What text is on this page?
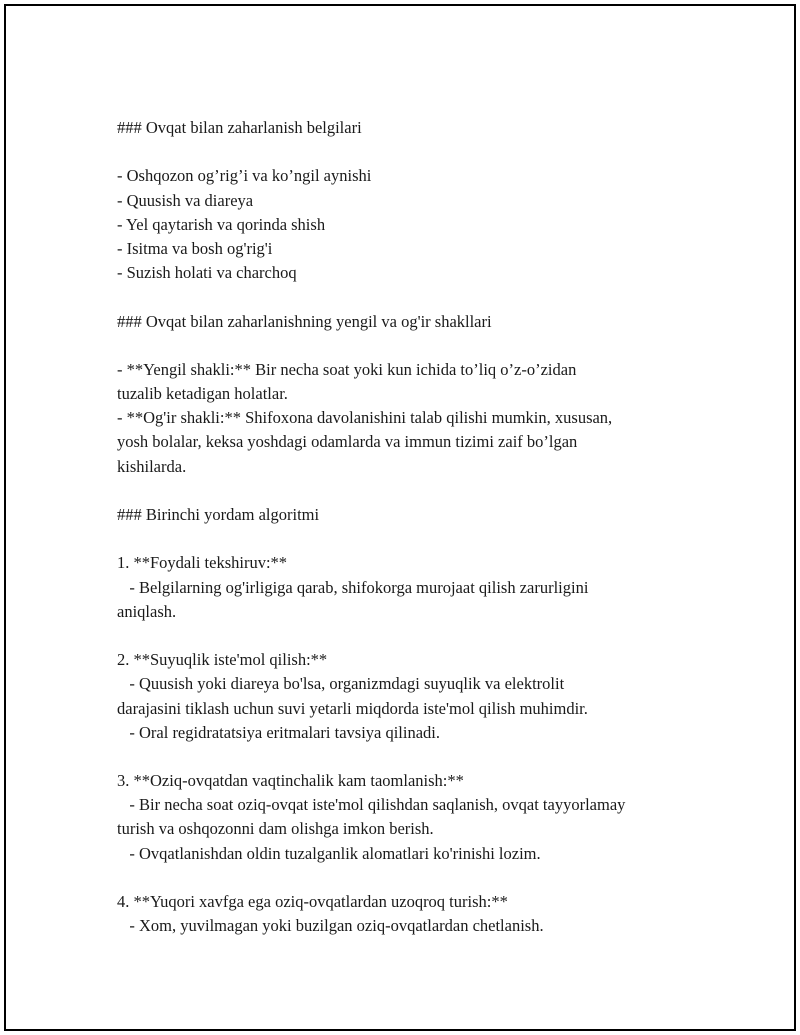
### Ovqat bilan zaharlanish belgilari
- Oshqozon og’rig’i va ko’ngil aynishi
- Quusish va diareya
- Yel qaytarish va qorinda shish
- Isitma va bosh og'rig'i
- Suzish holati va charchoq
### Ovqat bilan zaharlanishning yengil va og'ir shakllari
- **Yengil shakli:** Bir necha soat yoki kun ichida to’liq o’z-o’zidan
tuzalib ketadigan holatlar.
- **Og'ir shakli:** Shifoxona davolanishini talab qilishi mumkin, xususan,
yosh bolalar, keksa yoshdagi odamlarda va immun tizimi zaif bo’lgan
kishilarda.
### Birinchi yordam algoritmi
1. **Foydali tekshiruv:**
- Belgilarning og'irligiga qarab, shifokorga murojaat qilish zarurligini
aniqlash.
2. **Suyuqlik iste'mol qilish:**
- Quusish yoki diareya bo'lsa, organizmdagi suyuqlik va elektrolit
darajasini tiklash uchun suvi yetarli miqdorda iste'mol qilish muhimdir.
- Oral regidratatsiya eritmalari tavsiya qilinadi.
3. **Oziq-ovqatdan vaqtinchalik kam taomlanish:**
- Bir necha soat oziq-ovqat iste'mol qilishdan saqlanish, ovqat tayyorlamay
turish va oshqozonni dam olishga imkon berish.
- Ovqatlanishdan oldin tuzalganlik alomatlari ko'rinishi lozim.
4. **Yuqori xavfga ega oziq-ovqatlardan uzoqroq turish:**
- Xom, yuvilmagan yoki buzilgan oziq-ovqatlardan chetlanish.
